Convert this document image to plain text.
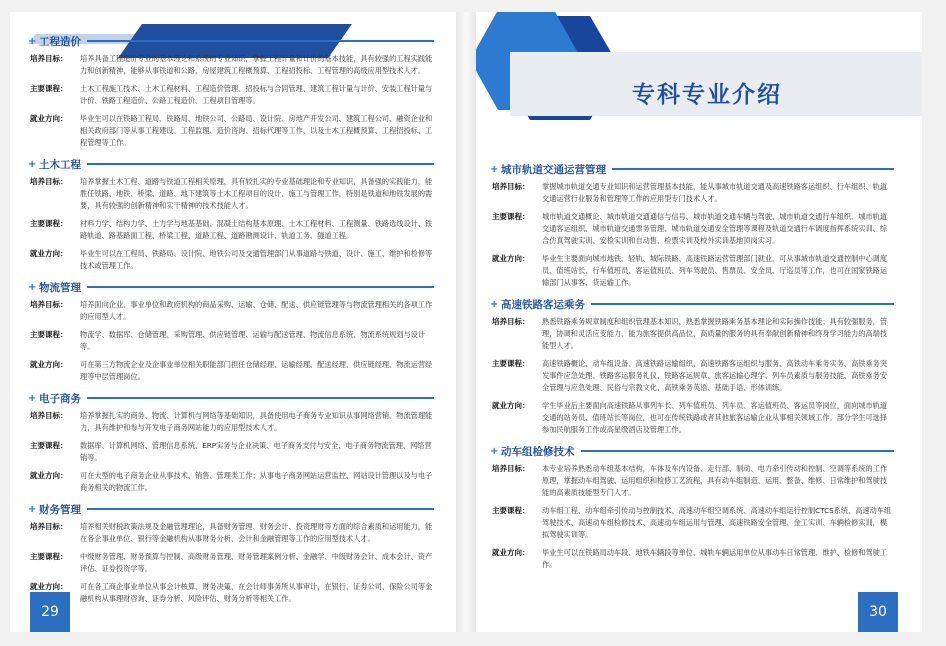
+ 工程造价
培养目标：	培养具备工程造价专业的基本理论和系统的专业知识，掌握工程计量和计价的基本技能，具有较强的工程实践能力和创新精神，能够从事铁道和公路，房屋建筑工程概预算、工程招投标、工程管理的高级应用型技术人才。
主要课程：	土木工程施工技术、土木工程材料、工程造价管理、招投标与合同管理、建筑工程计量与计价、安装工程计量与计价、铁路工程造价、公路工程造价、工程项目管理等。
就业方向：	毕业生可以在铁路工程局、铁路局、地铁公司、公路局、设计院、房地产开发公司、建筑工程公司、融资企业和相关政府部门等从事工程建设、工程监理、造价咨询、招标代理等工作，以及土木工程概预算、工程招投标、工程管理等工作。
+ 土木工程
培养目标：	培养掌握土木工程、道路与铁道工程相关原理，具有较扎实的专业基础理论和专业知识，具备强的实践能力，能胜任铁路、地铁、桥梁、道路、地下建筑等土木工程项目的设计、施工与管理工作，特别是铁道和地铁发展的需要，具有较强的创新精神和实干精神的技术技能人才。
主要课程：	材料力学、结构力学、土力学与地基基础、混凝土结构基本原理、土木工程材料、工程测量、铁路选线设计、铁路轨道、路基路面工程、桥梁工程、道路工程、道路勘测设计、轨道工务、隧道工程。
就业方向：	毕业生可以在工程局、铁路局、设计院、地铁公司及交通管理部门从事道路与铁道、设计、施工、维护和检修等技术或管理工作。
+ 物流管理
培养目标：	培养面向企业、事业单位和政府机构的商品采购、运输、仓储、配送、供应链管理等与物流管理相关的各项工作的应用型人才。
主要课程：	物流学、数据库、仓储管理、采购管理、供应链管理、运输与配送管理、物流信息系统、物流系统规划与设计等。
就业方向：	可在第三方物流企业及企事业单位相关职能部门担任仓储经理、运输经理、配送经理、供应链经理、物流运营经理等中层管理岗位。
+ 电子商务
培养目标：	培养掌握扎实的商务、物流、计算机与网络等基础知识，具备使用电子商务专业知识从事网络营销、物流管理能力，具有维护和参与开发电子商务网站能力的应用型技术人才。
主要课程：	数据库、计算机网络、管理信息系统、ERP实务与企业决策、电子商务支付与安全、电子商务物流管理、网络营销等。
就业方向：	可在大型的电子商务企业从事技术、销售、管理类工作；从事电子商务网站运营监控、网站设计管理以及与电子商务相关的物流工作。
+ 财务管理
培养目标：	培养相关财税政策法规及金融管理理论，具备财务管理、财务会计、投资理财等方面的综合素质和运用能力，能在各企事业单位、银行等金融机构从事财务分析，会计和金融管理等工作的应用型技术人才。
主要课程：	中级财务管理、财务预算与控制、高级财务管理、财务管理案例分析、金融学、中级财务会计、成本会计、资产评估、证券投资学等。
就业方向：	可在各工商企事业单位从事会计核算、财务决策，在会计师事务所从事审计，在银行、证券公司、保险公司等金融机构从事理财咨询、证券分析、风险评估、财务分析等相关工作。
29
专科专业介绍
+ 城市轨道交通运营管理
培养目标：	掌握城市轨道交通专业知识和运营管理基本技能，能从事城市轨道交通及高速铁路客运组织、行车组织、轨道交通运营行业服务和管理等工作的应用型专门技术人才。
主要课程：	城市轨道交通概论、城市轨道交通通信与信号、城市轨道交通车辆与驾驶、城市轨道交通行车组织、城市轨道交通客运组织、城市轨道交通票务管理、城市轨道交通安全管理等课程及轨道交通行车调度指挥系统实训、综合仿真驾驶实训、安检实训和自动售、检票实训及校外实训基地顶岗实习。
就业方向：	毕业生主要面向城市地铁、轻轨、城际铁路、高速铁路运营管理部门就业，可从事城市轨道交通控制中心调度员、值班站长、行车值班员、客运值班员、列车驾驶员、售票员、安全员、厅巡员等工作，也可在国家铁路运输部门从事客、货运输工作。
+ 高速铁路客运乘务
培养目标：	熟悉铁路乘务规章制度和组织管理基本知识，熟悉掌握铁路乘务基本理论和实际操作技能；具有较强服务，管理，协调和灵活应变能力，能为旅客提供高品位、高质量的服务的具有奉献创新精神和终身学习能力的高端技能型人才。
主要课程：	高速铁路概论、动车组设备、高速铁路运输组织、高速铁路客运组织与服务、高铁动车乘务实务、高铁乘务突发事件应急处理、铁路客运服务礼仪、铁路客运规章、旅客运输心理学、列车员素质与服务技能、高铁乘务安全管理与应急处理、民俗与宗教文化、高铁乘务英语、基础手语、形体训练。
就业方向：	学生毕业后主要面向高速铁路从事列车长、列车值班员、列车员、客运值班员、客运员等岗位，面向城市轨道交通的站务员、值班站长等岗位，也可在传统铁路或者其他旅客运输企业从事相关领域工作。部分学生可选择参加民航服务工作或高星级酒店及管理工作。
+ 动车组检修技术
培养目标：	本专业培养熟悉动车组基本结构，车体及车内设备、走行部、制动、电力牵引传动和控制、空调等系统的工作原理，掌握动车组驾驶、运用组织和检修工艺流程，具有动车组制造、运用、整备、维修、日常维护和驾驶技能的高素质技能型专门人才。
主要课程：	动车组工程、动车组牵引传动与控制技术、高速动车组空调系统、高速动车组运行控制CTCS系统、高速动车组驾驶技术、高速动车组检修技术、高速动车组运用与管理、高速铁路安全管理、金工实训、车辆检修实训，模拟驾驶实训等。
就业方向：	毕业生可以在铁路局动车段、地铁车辆段等单位、城轨车辆运用单位从事动车日常管理、维护、检修和驾驶工作。
30
